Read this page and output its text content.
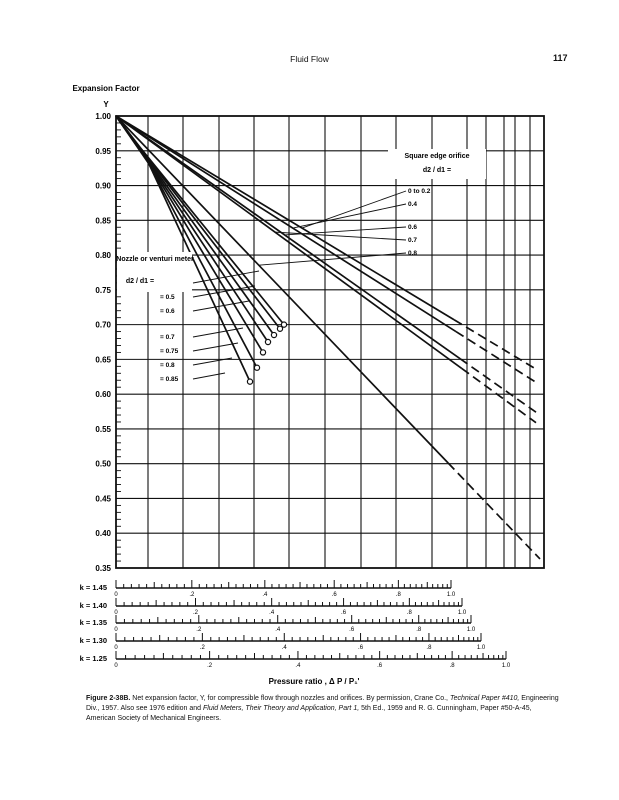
Fluid Flow	117
1.00
0.95
0.90
0.85
0.80
0.75
0.70
0.65
0.60
0.55
0.50
0.45
0.40
0.35
0 to 0.2
0.4
0.6
0.7
0.8
= 0.5
= 0.6
= 0.7
= 0.75
= 0.8
= 0.85
k = 1.45
0	.2	.4	.6	.8	1.0
k = 1.40
0	.2	.4	.6	.8	1.0
k = 1.35
0	.2	.4	.6	.8	1.0
k = 1.30
0	.2	.4	.6	.8	1.0
k = 1.25
0	.2	.4	.6	.8	1.0
Expansion Factor
Y
Pressure ratio , Δ P / P₁'
Square edge orifice
d2 / d1 =
Nozzle or venturi meter
d2 / d1 =
Figure 2-38B. Net expansion factor, Y, for compressible flow through nozzles and orifices. By permission, Crane Co., Technical Paper #410, Engineering Div., 1957. Also see 1976 edition and Fluid Meters, Their Theory and Application, Part 1, 5th Ed., 1959 and R. G. Cunningham, Paper #50-A-45, American Society of Mechanical Engineers.
